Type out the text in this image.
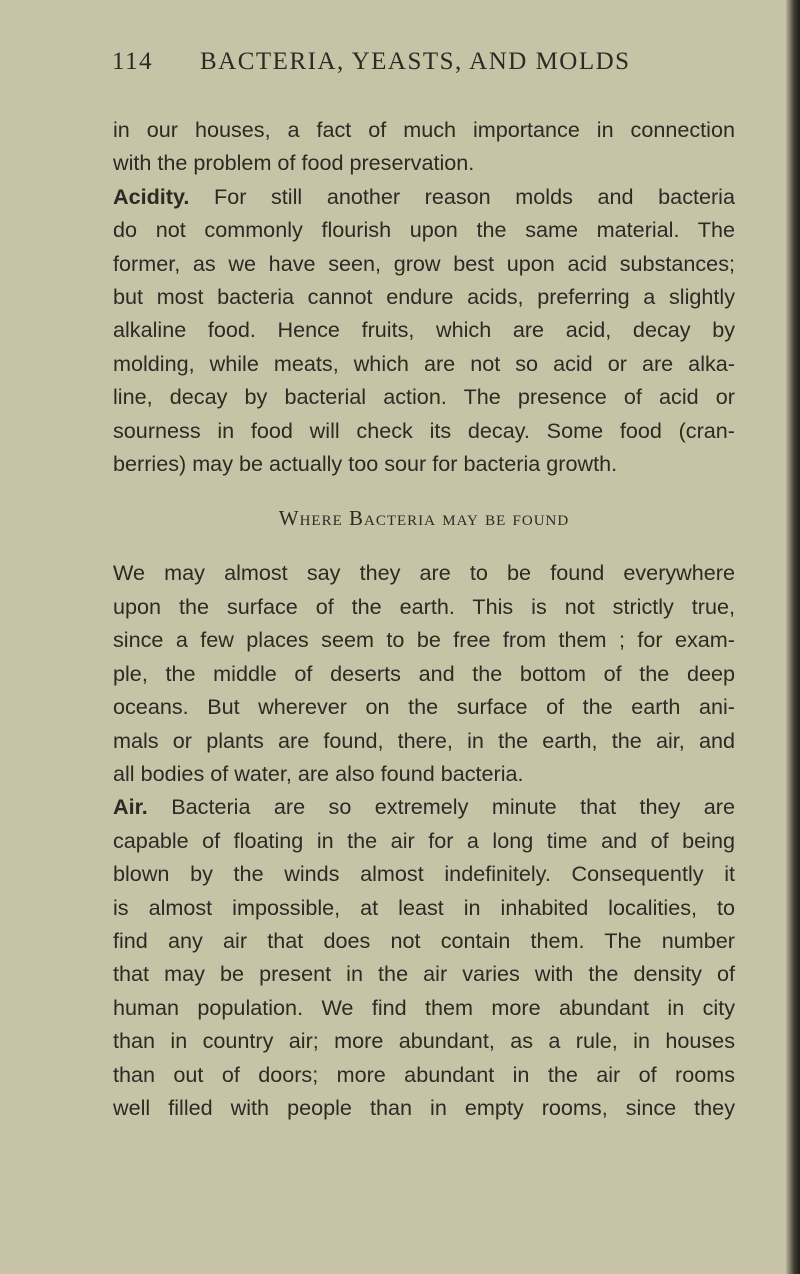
114 BACTERIA, YEASTS, AND MOLDS
in our houses, a fact of much importance in connection
with the problem of food preservation.
Acidity. For still another reason molds and bacteria
do not commonly flourish upon the same material. The
former, as we have seen, grow best upon acid substances;
but most bacteria cannot endure acids, preferring a slightly
alkaline food. Hence fruits, which are acid, decay by
molding, while meats, which are not so acid or are alka-
line, decay by bacterial action. The presence of acid or
sourness in food will check its decay. Some food (cran-
berries) may be actually too sour for bacteria growth.
Where Bacteria may be found
We may almost say they are to be found everywhere
upon the surface of the earth. This is not strictly true,
since a few places seem to be free from them ; for exam-
ple, the middle of deserts and the bottom of the deep
oceans. But wherever on the surface of the earth ani-
mals or plants are found, there, in the earth, the air, and
all bodies of water, are also found bacteria.
Air. Bacteria are so extremely minute that they are
capable of floating in the air for a long time and of being
blown by the winds almost indefinitely. Consequently it
is almost impossible, at least in inhabited localities, to
find any air that does not contain them. The number
that may be present in the air varies with the density of
human population. We find them more abundant in city
than in country air; more abundant, as a rule, in houses
than out of doors; more abundant in the air of rooms
well filled with people than in empty rooms, since they
